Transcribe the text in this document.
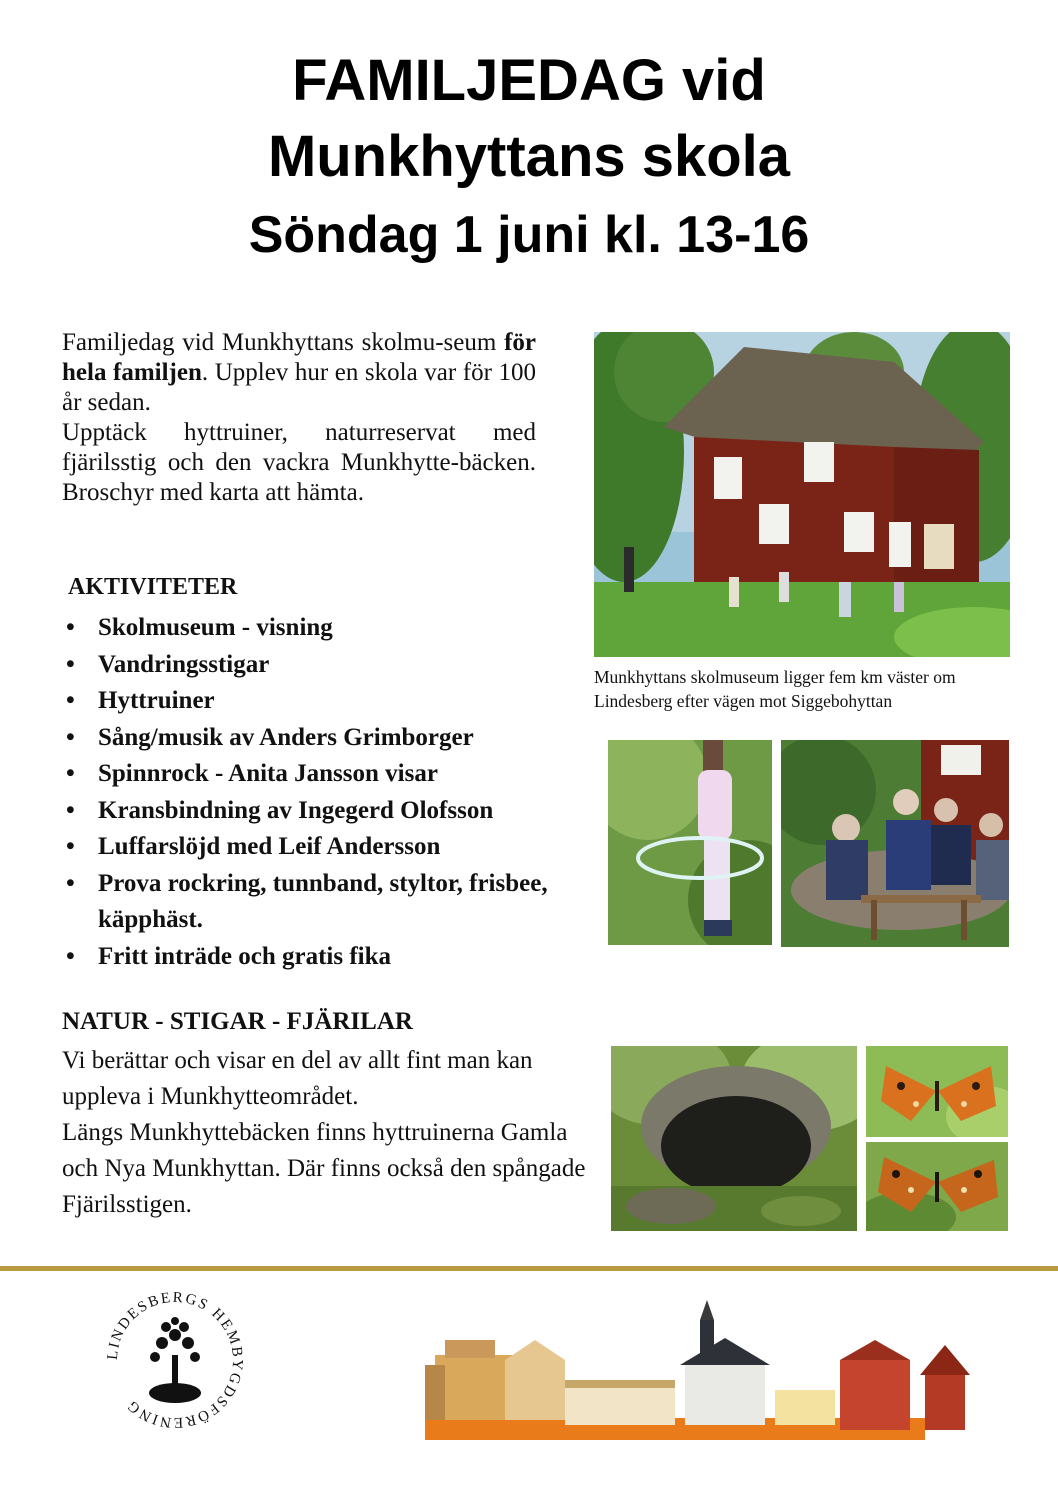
FAMILJEDAG vid
Munkhyttans skola
Söndag 1 juni kl. 13-16

Familjedag vid Munkhyttans skolmu-seum för hela familjen. Upplev hur en skola var för 100 år sedan.

Upptäck hyttruiner, naturreservat med fjärilsstig och den vackra Munkhytte-bäcken. Broschyr med karta att hämta.

AKTIVITETER
• Skolmuseum - visning
• Vandringsstigar
• Hyttruiner
• Sång/musik av Anders Grimborger
• Spinnrock - Anita Jansson visar
• Kransbindning av Ingegerd Olofsson
• Luffarslöjd med Leif Andersson
• Prova rockring, tunnband, styltor, frisbee, käpphäst.
• Fritt inträde och gratis fika
NATUR - STIGAR - FJÄRILAR

Vi berättar och visar en del av allt fint man kan uppleva i Munkhytteområdet.

Längs Munkhyttebäcken finns hyttruinerna Gamla och Nya Munkhyttan. Där finns också den spångade Fjärilsstigen.

Munkhyttans skolmuseum ligger fem km väster om Lindesberg efter vägen mot Siggebohyttan

LINDESBERGS HEMBYGDSFÖRENING
